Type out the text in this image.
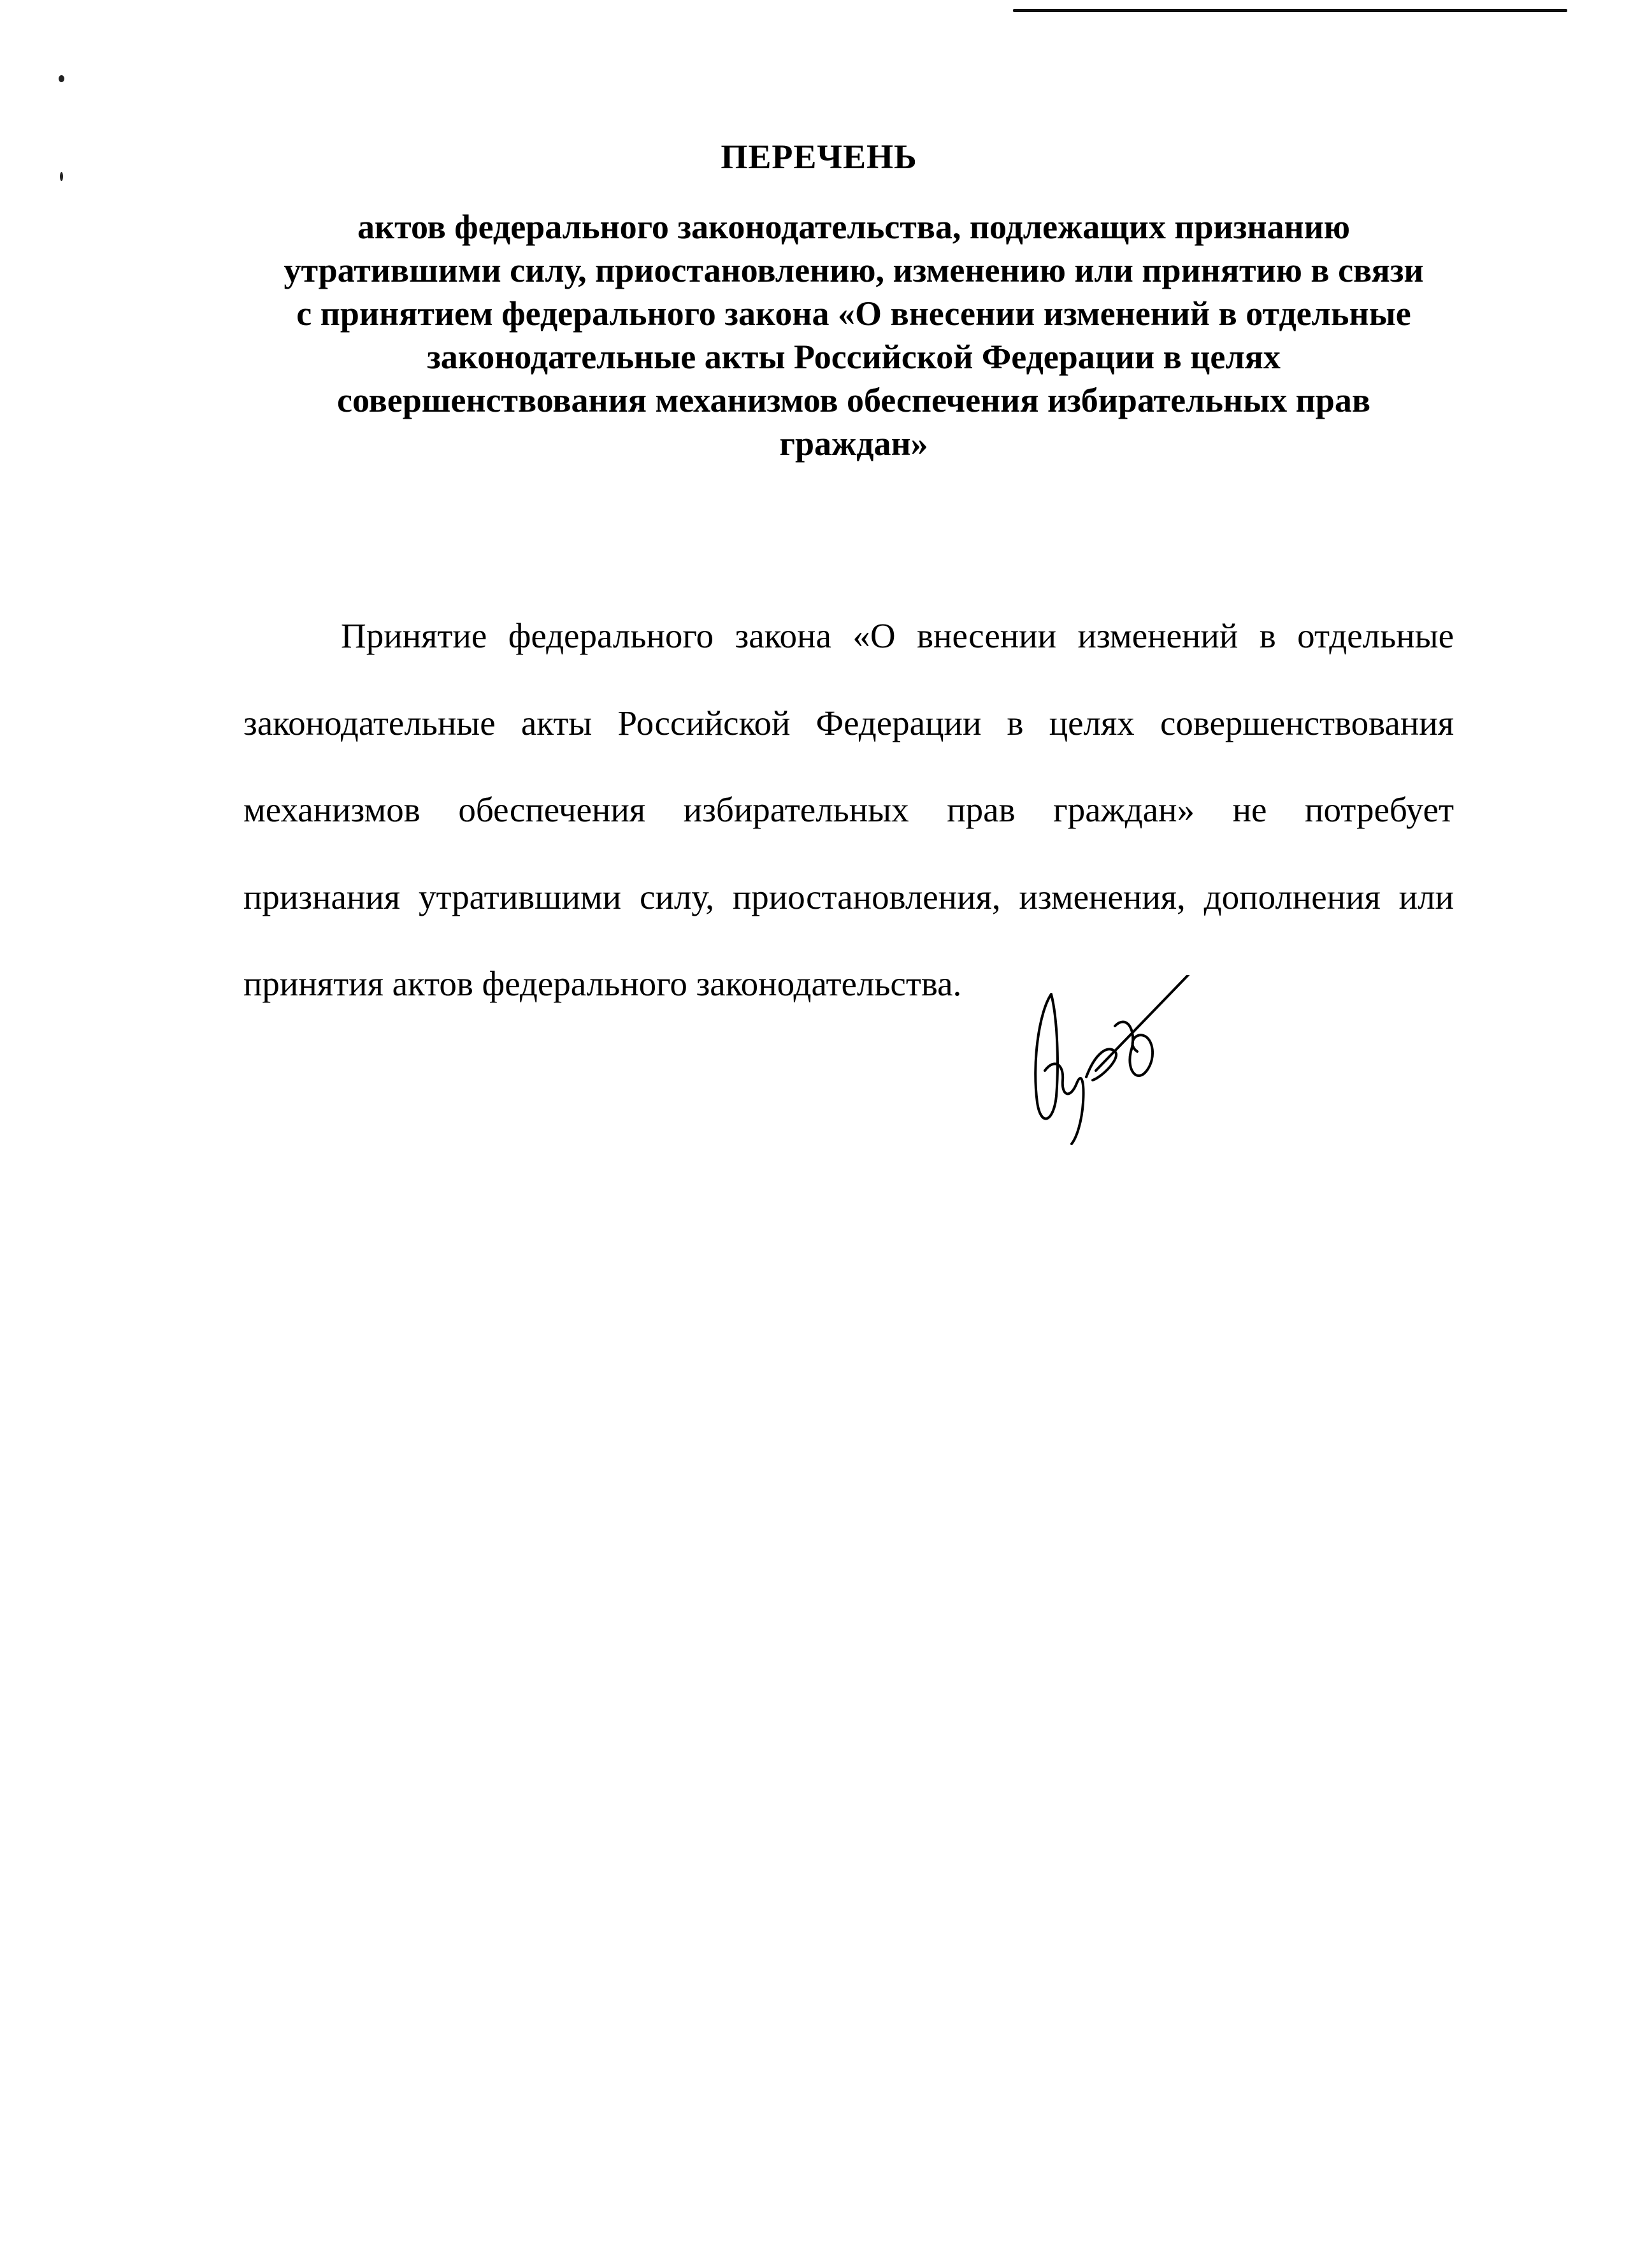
ПЕРЕЧЕНЬ
актов федерального законодательства, подлежащих признанию
утратившими силу, приостановлению, изменению или принятию в связи
с принятием федерального закона «О внесении изменений в отдельные
законодательные акты Российской Федерации в целях
совершенствования механизмов обеспечения избирательных прав
граждан»
Принятие федерального закона «О внесении изменений в отдельные
законодательные акты Российской Федерации в целях совершенствования
механизмов обеспечения избирательных прав граждан» не потребует
признания утратившими силу, приостановления, изменения, дополнения или
принятия актов федерального законодательства.
